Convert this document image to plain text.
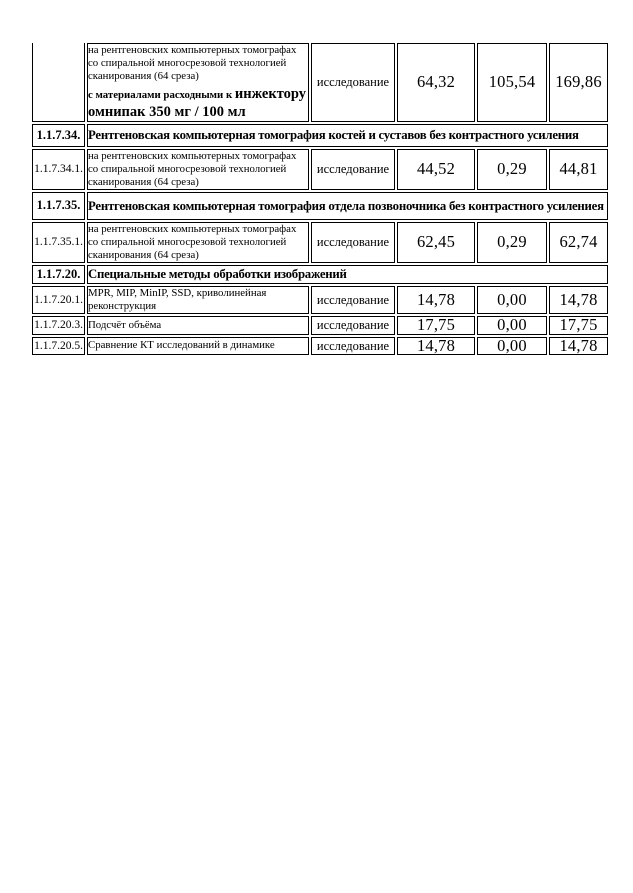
	на рентгеновских компьютерных томографах со спиральной многосрезовой технологией сканирования (64 среза)
с материалами расходными к инжектору
омнипак 350 мг / 100 мл	исследование	64,32	105,54	169,86
1.1.7.34.	Рентгеновская компьютерная томография костей и суставов без контрастного усиления				
1.1.7.34.1.	на рентгеновских компьютерных томографах со спиральной многосрезовой технологией сканирования (64 среза)	исследование	44,52	0,29	44,81
1.1.7.35.	Рентгеновская компьютерная томография отдела позвоночника без контрастного усилениея				
1.1.7.35.1.	на рентгеновских компьютерных томографах со спиральной многосрезовой технологией сканирования (64 среза)	исследование	62,45	0,29	62,74
1.1.7.20.	Специальные методы обработки изображений				
1.1.7.20.1.	MPR, MIP, MinIP, SSD, криволинейная реконструкция	исследование	14,78	0,00	14,78
1.1.7.20.3.	Подсчёт объёма	исследование	17,75	0,00	17,75
1.1.7.20.5.	Сравнение КТ исследований в динамике	исследование	14,78	0,00	14,78
